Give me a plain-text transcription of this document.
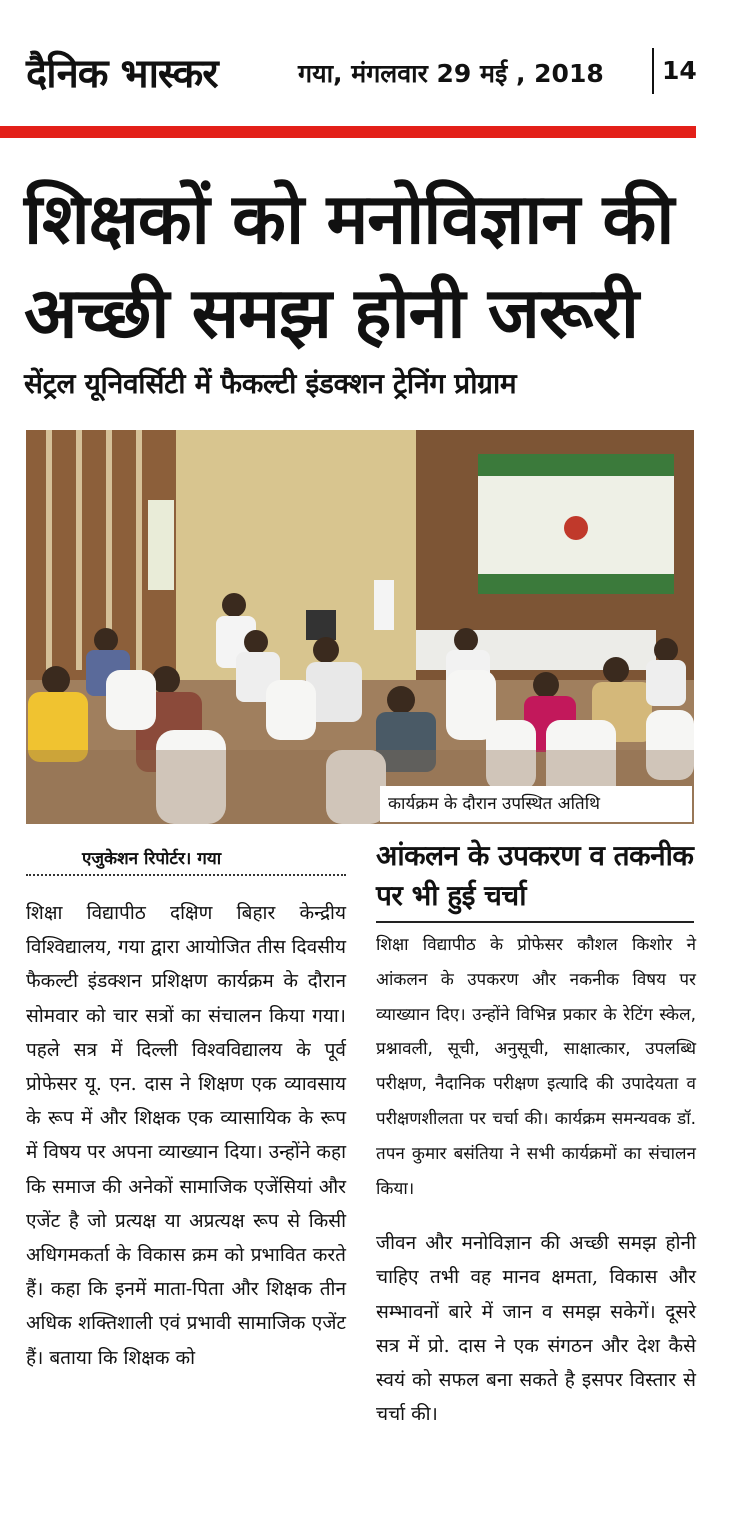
दैनिक भास्कर	गया, मंगलवार 29 मई , 2018 14
शिक्षकों को मनोविज्ञान की अच्छी समझ होनी जरूरी
सेंट्रल यूनिवर्सिटी में फैकल्टी इंडक्शन ट्रेनिंग प्रोग्राम
कार्यक्रम के दौरान उपस्थित अतिथि
एजुकेशन रिपोर्टर। गया

शिक्षा विद्यापीठ दक्षिण बिहार केन्द्रीय विश्विद्यालय, गया द्वारा आयोजित तीस दिवसीय फैकल्टी इंडक्शन प्रशिक्षण कार्यक्रम के दौरान सोमवार को चार सत्रों का संचालन किया गया। पहले सत्र में दिल्ली विश्वविद्यालय के पूर्व प्रोफेसर यू. एन. दास ने शिक्षण एक व्यावसाय के रूप में और शिक्षक एक व्यासायिक के रूप में विषय पर अपना व्याख्यान दिया। उन्होंने कहा कि समाज की अनेकों सामाजिक एजेंसियां और एजेंट है जो प्रत्यक्ष या अप्रत्यक्ष रूप से किसी अधिगमकर्ता के विकास क्रम को प्रभावित करते हैं। कहा कि इनमें माता-पिता और शिक्षक तीन अधिक शक्तिशाली एवं प्रभावी सामाजिक एजेंट हैं। बताया कि शिक्षक को

आंकलन के उपकरण व तकनीक पर भी हुई चर्चा

शिक्षा विद्यापीठ के प्रोफेसर कौशल किशोर ने आंकलन के उपकरण और नकनीक विषय पर व्याख्यान दिए। उन्होंने विभिन्न प्रकार के रेटिंग स्केल, प्रश्नावली, सूची, अनुसूची, साक्षात्कार, उपलब्धि परीक्षण, नैदानिक परीक्षण इत्यादि की उपादेयता व परीक्षणशीलता पर चर्चा की। कार्यक्रम समन्यवक डॉ. तपन कुमार बसंतिया ने सभी कार्यक्रमों का संचालन किया।

जीवन और मनोविज्ञान की अच्छी समझ होनी चाहिए तभी वह मानव क्षमता, विकास और सम्भावनों बारे में जान व समझ सकेगें। दूसरे सत्र में प्रो. दास ने एक संगठन और देश कैसे स्वयं को सफल बना सकते है इसपर विस्तार से चर्चा की।
